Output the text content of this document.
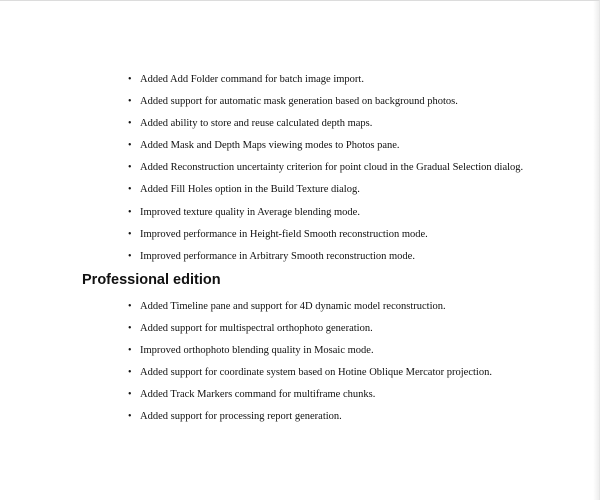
• Added Add Folder command for batch image import.
• Added support for automatic mask generation based on background photos.
• Added ability to store and reuse calculated depth maps.
• Added Mask and Depth Maps viewing modes to Photos pane.
• Added Reconstruction uncertainty criterion for point cloud in the Gradual Selection dialog.
• Added Fill Holes option in the Build Texture dialog.
• Improved texture quality in Average blending mode.
• Improved performance in Height-field Smooth reconstruction mode.
• Improved performance in Arbitrary Smooth reconstruction mode.
Professional edition
• Added Timeline pane and support for 4D dynamic model reconstruction.
• Added support for multispectral orthophoto generation.
• Improved orthophoto blending quality in Mosaic mode.
• Added support for coordinate system based on Hotine Oblique Mercator projection.
• Added Track Markers command for multiframe chunks.
• Added support for processing report generation.
